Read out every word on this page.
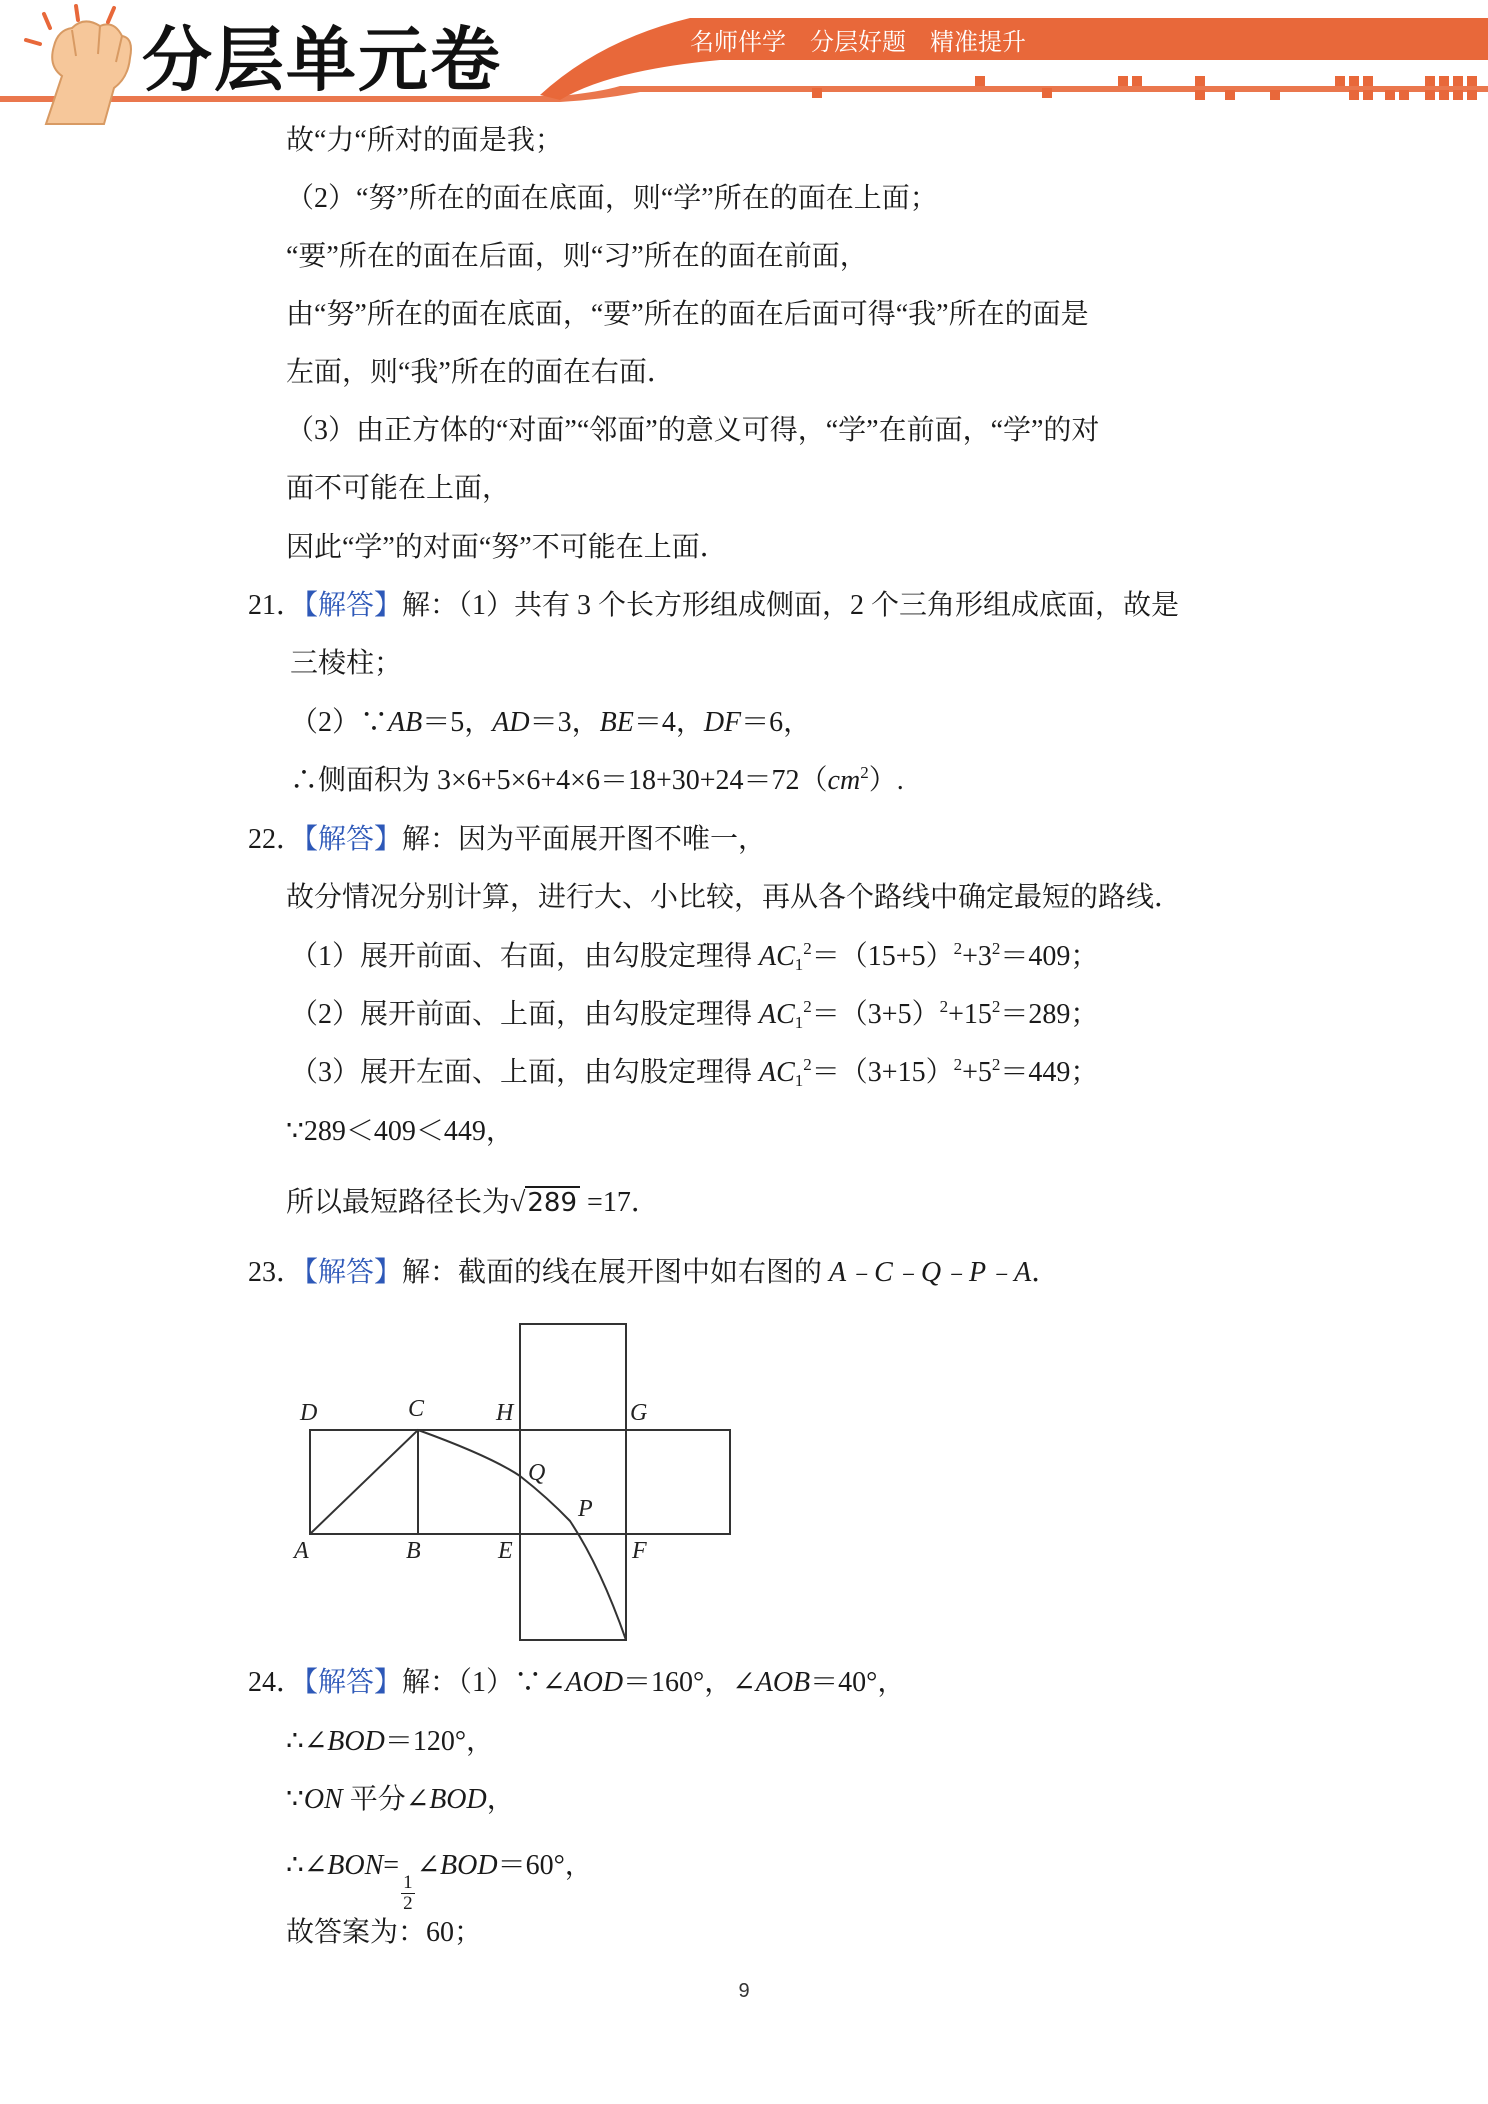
分层单元卷	名师伴学　分层好题　精准提升
故“力“所对的面是我；
（2）“努”所在的面在底面，则“学”所在的面在上面；
“要”所在的面在后面，则“习”所在的面在前面，
由“努”所在的面在底面，“要”所在的面在后面可得“我”所在的面是
左面，则“我”所在的面在右面．
（3）由正方体的“对面”“邻面”的意义可得，“学”在前面，“学”的对
面不可能在上面，
因此“学”的对面“努”不可能在上面．
21．【解答】解：（1）共有 3 个长方形组成侧面，2 个三角形组成底面，故是
三棱柱；
（2）∵AB＝5，AD＝3，BE＝4，DF＝6，
∴侧面积为 $3\times 6+5\times 6+4\times 6=18+30+24=72(cm^2)$.
22．【解答】解：因为平面展开图不唯一，
故分情况分别计算，进行大、小比较，再从各个路线中确定最短的路线．
（1）展开前面、右面，由勾股定理得 $AC_1^2=(15+5)^2+3^2=409$；
（2）展开前面、上面，由勾股定理得 $AC_1^2=(3+5)^2+15^2=289$；
（3）展开左面、上面，由勾股定理得 $AC_1^2=(3+15)^2+5^2=449$；
∵289＜409＜449，
所以最短路径长为√289 =17．
23．【解答】解：截面的线在展开图中如右图的 A﹣C﹣Q﹣P﹣A．
D	C	H	G
Q
P
A	B	E	F
24．【解答】解：（1）∵∠AOD＝160°，∠AOB＝40°，
∴∠BOD＝120°，
∵ON 平分∠BOD，
∴∠BON=
$\frac{1}{2}$
∠BOD＝60°，
故答案为：60；
9
